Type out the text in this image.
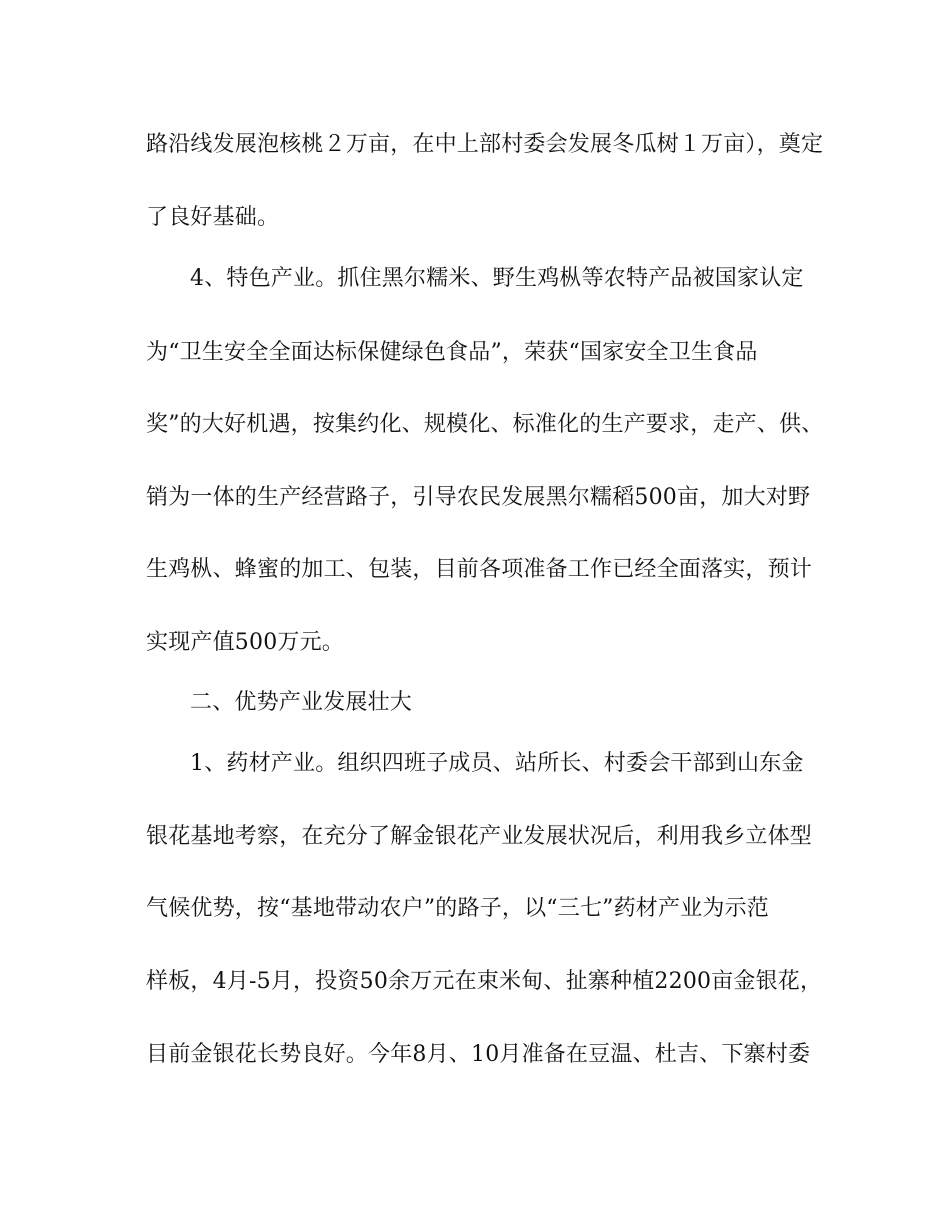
路沿线发展泡核桃２万亩，在中上部村委会发展冬瓜树１万亩），奠定
了良好基础。
4、特色产业。抓住黑尔糯米、野生鸡枞等农特产品被国家认定
为“卫生安全全面达标保健绿色食品”，荣获“国家安全卫生食品
奖”的大好机遇，按集约化、规模化、标准化的生产要求，走产、供、
销为一体的生产经营路子，引导农民发展黑尔糯稻500亩，加大对野
生鸡枞、蜂蜜的加工、包装，目前各项准备工作已经全面落实，预计
实现产值500万元。
二、优势产业发展壮大
1、药材产业。组织四班子成员、站所长、村委会干部到山东金
银花基地考察，在充分了解金银花产业发展状况后，利用我乡立体型
气候优势，按“基地带动农户”的路子，以“三七”药材产业为示范
样板，4月-5月，投资50余万元在束米甸、扯寨种植2200亩金银花，
目前金银花长势良好。今年8月、10月准备在豆温、杜吉、下寨村委
